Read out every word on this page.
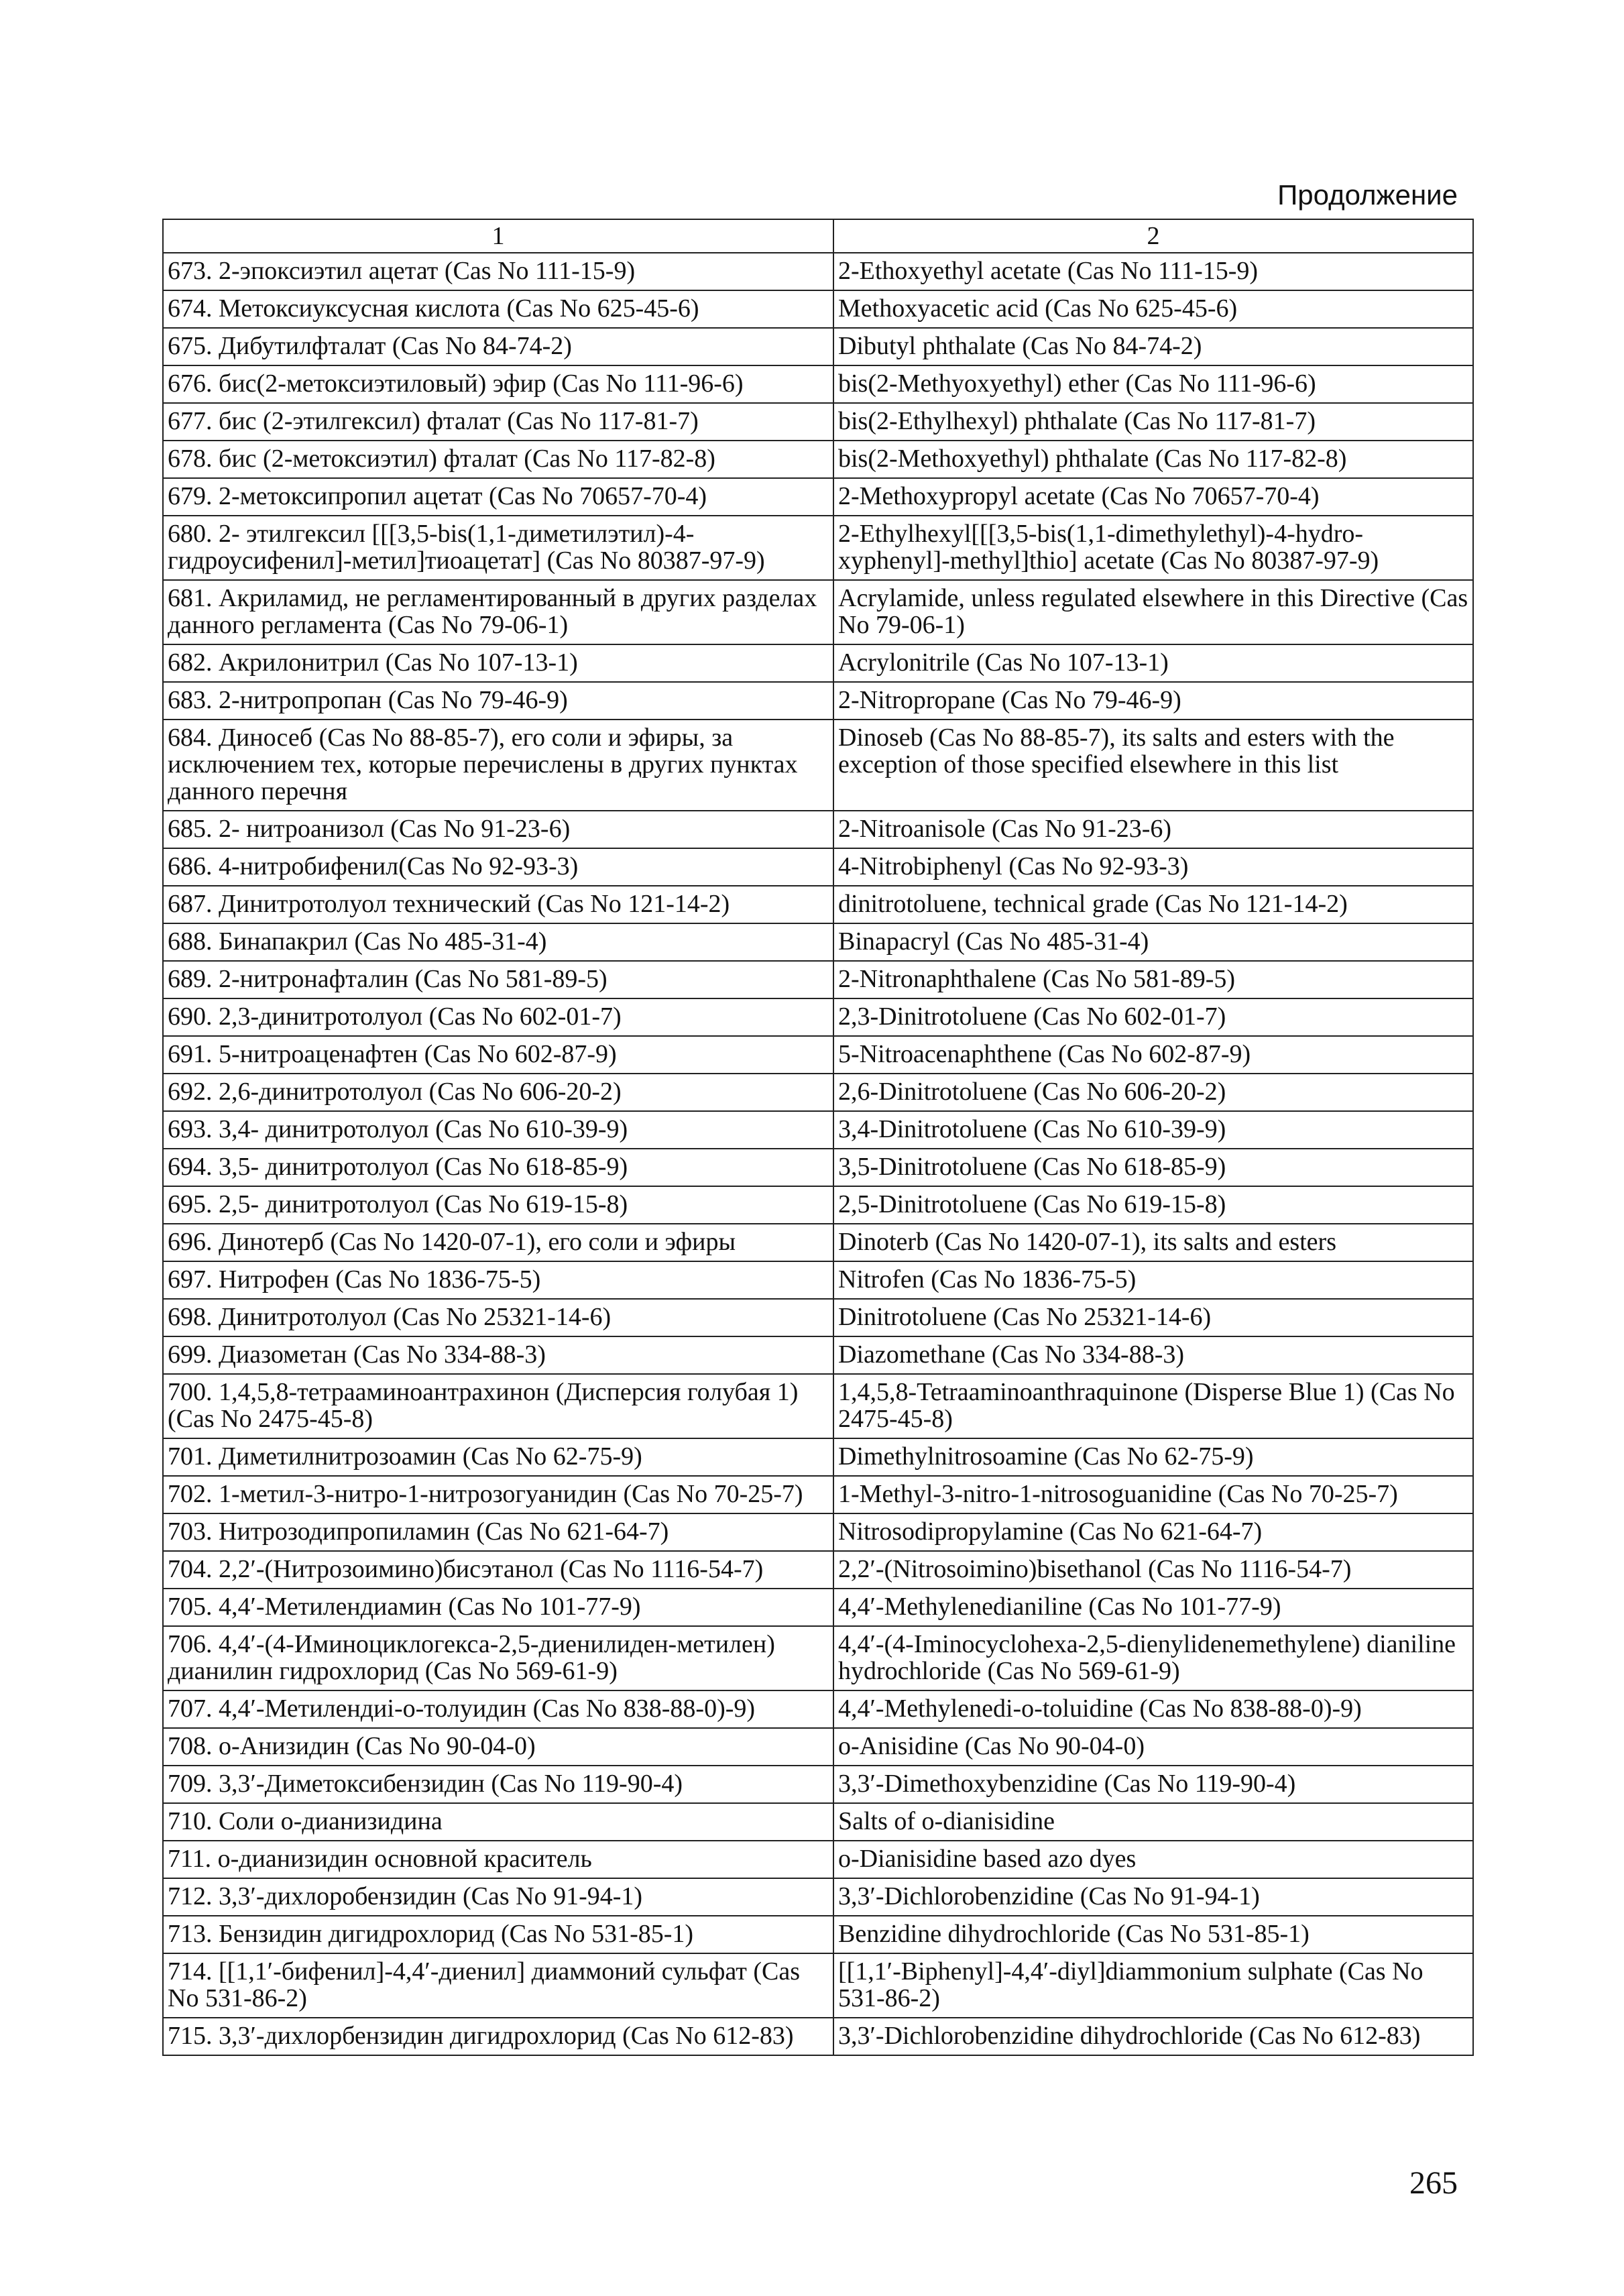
Продолжение
1	2
673. 2-эпоксиэтил ацетат (Cas No 111-15-9)	2-Ethoxyethyl acetate (Cas No 111-15-9)
674. Метоксиуксусная кислота (Cas No 625-45-6)	Methoxyacetic acid (Cas No 625-45-6)
675. Дибутилфталат (Cas No 84-74-2)	Dibutyl phthalate (Cas No 84-74-2)
676. бис(2-метоксиэтиловый) эфир (Cas No 111-96-6)	bis(2-Methyoxyethyl) ether (Cas No 111-96-6)
677. бис (2-этилгексил) фталат (Cas No 117-81-7)	bis(2-Ethylhexyl) phthalate (Cas No 117-81-7)
678. бис (2-метоксиэтил) фталат (Cas No 117-82-8)	bis(2-Methoxyethyl) phthalate (Cas No 117-82-8)
679. 2-метоксипропил ацетат (Cas No 70657-70-4)	2-Methoxypropyl acetate (Cas No 70657-70-4)
680. 2- этилгексил [[[3,5-bis(1,1-диметилэтил)-4-гидроусифенил]-метил]тиоацетат] (Cas No 80387-97-9)	2-Ethylhexyl[[[3,5-bis(1,1-dimethylethyl)-4-hydro-xyphenyl]-methyl]thio] acetate (Cas No 80387-97-9)
681. Акриламид, не регламентированный в других разделах данного регламента (Cas No 79-06-1)	Acrylamide, unless regulated elsewhere in this Directive (Cas No 79-06-1)
682. Акрилонитрил (Cas No 107-13-1)	Acrylonitrile (Cas No 107-13-1)
683. 2-нитропропан (Cas No 79-46-9)	2-Nitropropane (Cas No 79-46-9)
684. Диносеб (Cas No 88-85-7), его соли и эфиры, за исключением тех, которые перечислены в других пунктах данного перечня	Dinoseb (Cas No 88-85-7), its salts and esters with the exception of those specified elsewhere in this list
685. 2- нитроанизол (Cas No 91-23-6)	2-Nitroanisole (Cas No 91-23-6)
686. 4-нитробифенил(Cas No 92-93-3)	4-Nitrobiphenyl (Cas No 92-93-3)
687. Динитротолуол технический (Cas No 121-14-2)	dinitrotoluene, technical grade (Cas No 121-14-2)
688. Бинапакрил (Cas No 485-31-4)	Binapacryl (Cas No 485-31-4)
689. 2-нитронафталин (Cas No 581-89-5)	2-Nitronaphthalene (Cas No 581-89-5)
690. 2,3-динитротолуол (Cas No 602-01-7)	2,3-Dinitrotoluene (Cas No 602-01-7)
691. 5-нитроаценафтен (Cas No 602-87-9)	5-Nitroacenaphthene (Cas No 602-87-9)
692. 2,6-динитротолуол (Cas No 606-20-2)	2,6-Dinitrotoluene (Cas No 606-20-2)
693. 3,4- динитротолуол (Cas No 610-39-9)	3,4-Dinitrotoluene (Cas No 610-39-9)
694. 3,5- динитротолуол (Cas No 618-85-9)	3,5-Dinitrotoluene (Cas No 618-85-9)
695. 2,5- динитротолуол (Cas No 619-15-8)	2,5-Dinitrotoluene (Cas No 619-15-8)
696. Динотерб (Cas No 1420-07-1), его соли и эфиры	Dinoterb (Cas No 1420-07-1), its salts and esters
697. Нитрофен (Cas No 1836-75-5)	Nitrofen (Cas No 1836-75-5)
698. Динитротолуол (Cas No 25321-14-6)	Dinitrotoluene (Cas No 25321-14-6)
699. Диазометан (Cas No 334-88-3)	Diazomethane (Cas No 334-88-3)
700. 1,4,5,8-тетрааминоантрахинон (Дисперсия голубая 1) (Cas No 2475-45-8)	1,4,5,8-Tetraaminoanthraquinone (Disperse Blue 1) (Cas No 2475-45-8)
701. Диметилнитрозоамин (Cas No 62-75-9)	Dimethylnitrosoamine (Cas No 62-75-9)
702. 1-метил-3-нитро-1-нитрозогуанидин (Cas No 70-25-7)	1-Methyl-3-nitro-1-nitrosoguanidine (Cas No 70-25-7)
703. Нитрозодипропиламин (Cas No 621-64-7)	Nitrosodipropylamine (Cas No 621-64-7)
704. 2,2′-(Нитрозоимино)бисэтанол (Cas No 1116-54-7)	2,2′-(Nitrosoimino)bisethanol (Cas No 1116-54-7)
705. 4,4′-Метилендиамин (Cas No 101-77-9)	4,4′-Methylenedianiline (Cas No 101-77-9)
706. 4,4′-(4-Иминоциклогекса-2,5-диенилиден-метилен) дианилин гидрохлорид (Cas No 569-61-9)	4,4′-(4-Iminocyclohexa-2,5-dienylidenemethylene) dianiline hydrochloride (Cas No 569-61-9)
707. 4,4′-Метилендиі-о-толуидин (Cas No 838-88-0)-9)	4,4′-Methylenedi-o-toluidine (Cas No 838-88-0)-9)
708. о-Анизидин (Cas No 90-04-0)	o-Anisidine (Cas No 90-04-0)
709. 3,3′-Диметоксибензидин (Cas No 119-90-4)	3,3′-Dimethoxybenzidine (Cas No 119-90-4)
710. Соли о-дианизидина	Salts of o-dianisidine
711. о-дианизидин основной краситель	o-Dianisidine based azo dyes
712. 3,3′-дихлоробензидин (Cas No 91-94-1)	3,3′-Dichlorobenzidine (Cas No 91-94-1)
713. Бензидин дигидрохлорид (Cas No 531-85-1)	Benzidine dihydrochloride (Cas No 531-85-1)
714. [[1,1′-бифенил]-4,4′-диенил] диаммоний сульфат (Cas No 531-86-2)	[[1,1′-Biphenyl]-4,4′-diyl]diammonium sulphate (Cas No 531-86-2)
715. 3,3′-дихлорбензидин дигидрохлорид (Cas No 612-83)	3,3′-Dichlorobenzidine dihydrochloride (Cas No 612-83)
265
